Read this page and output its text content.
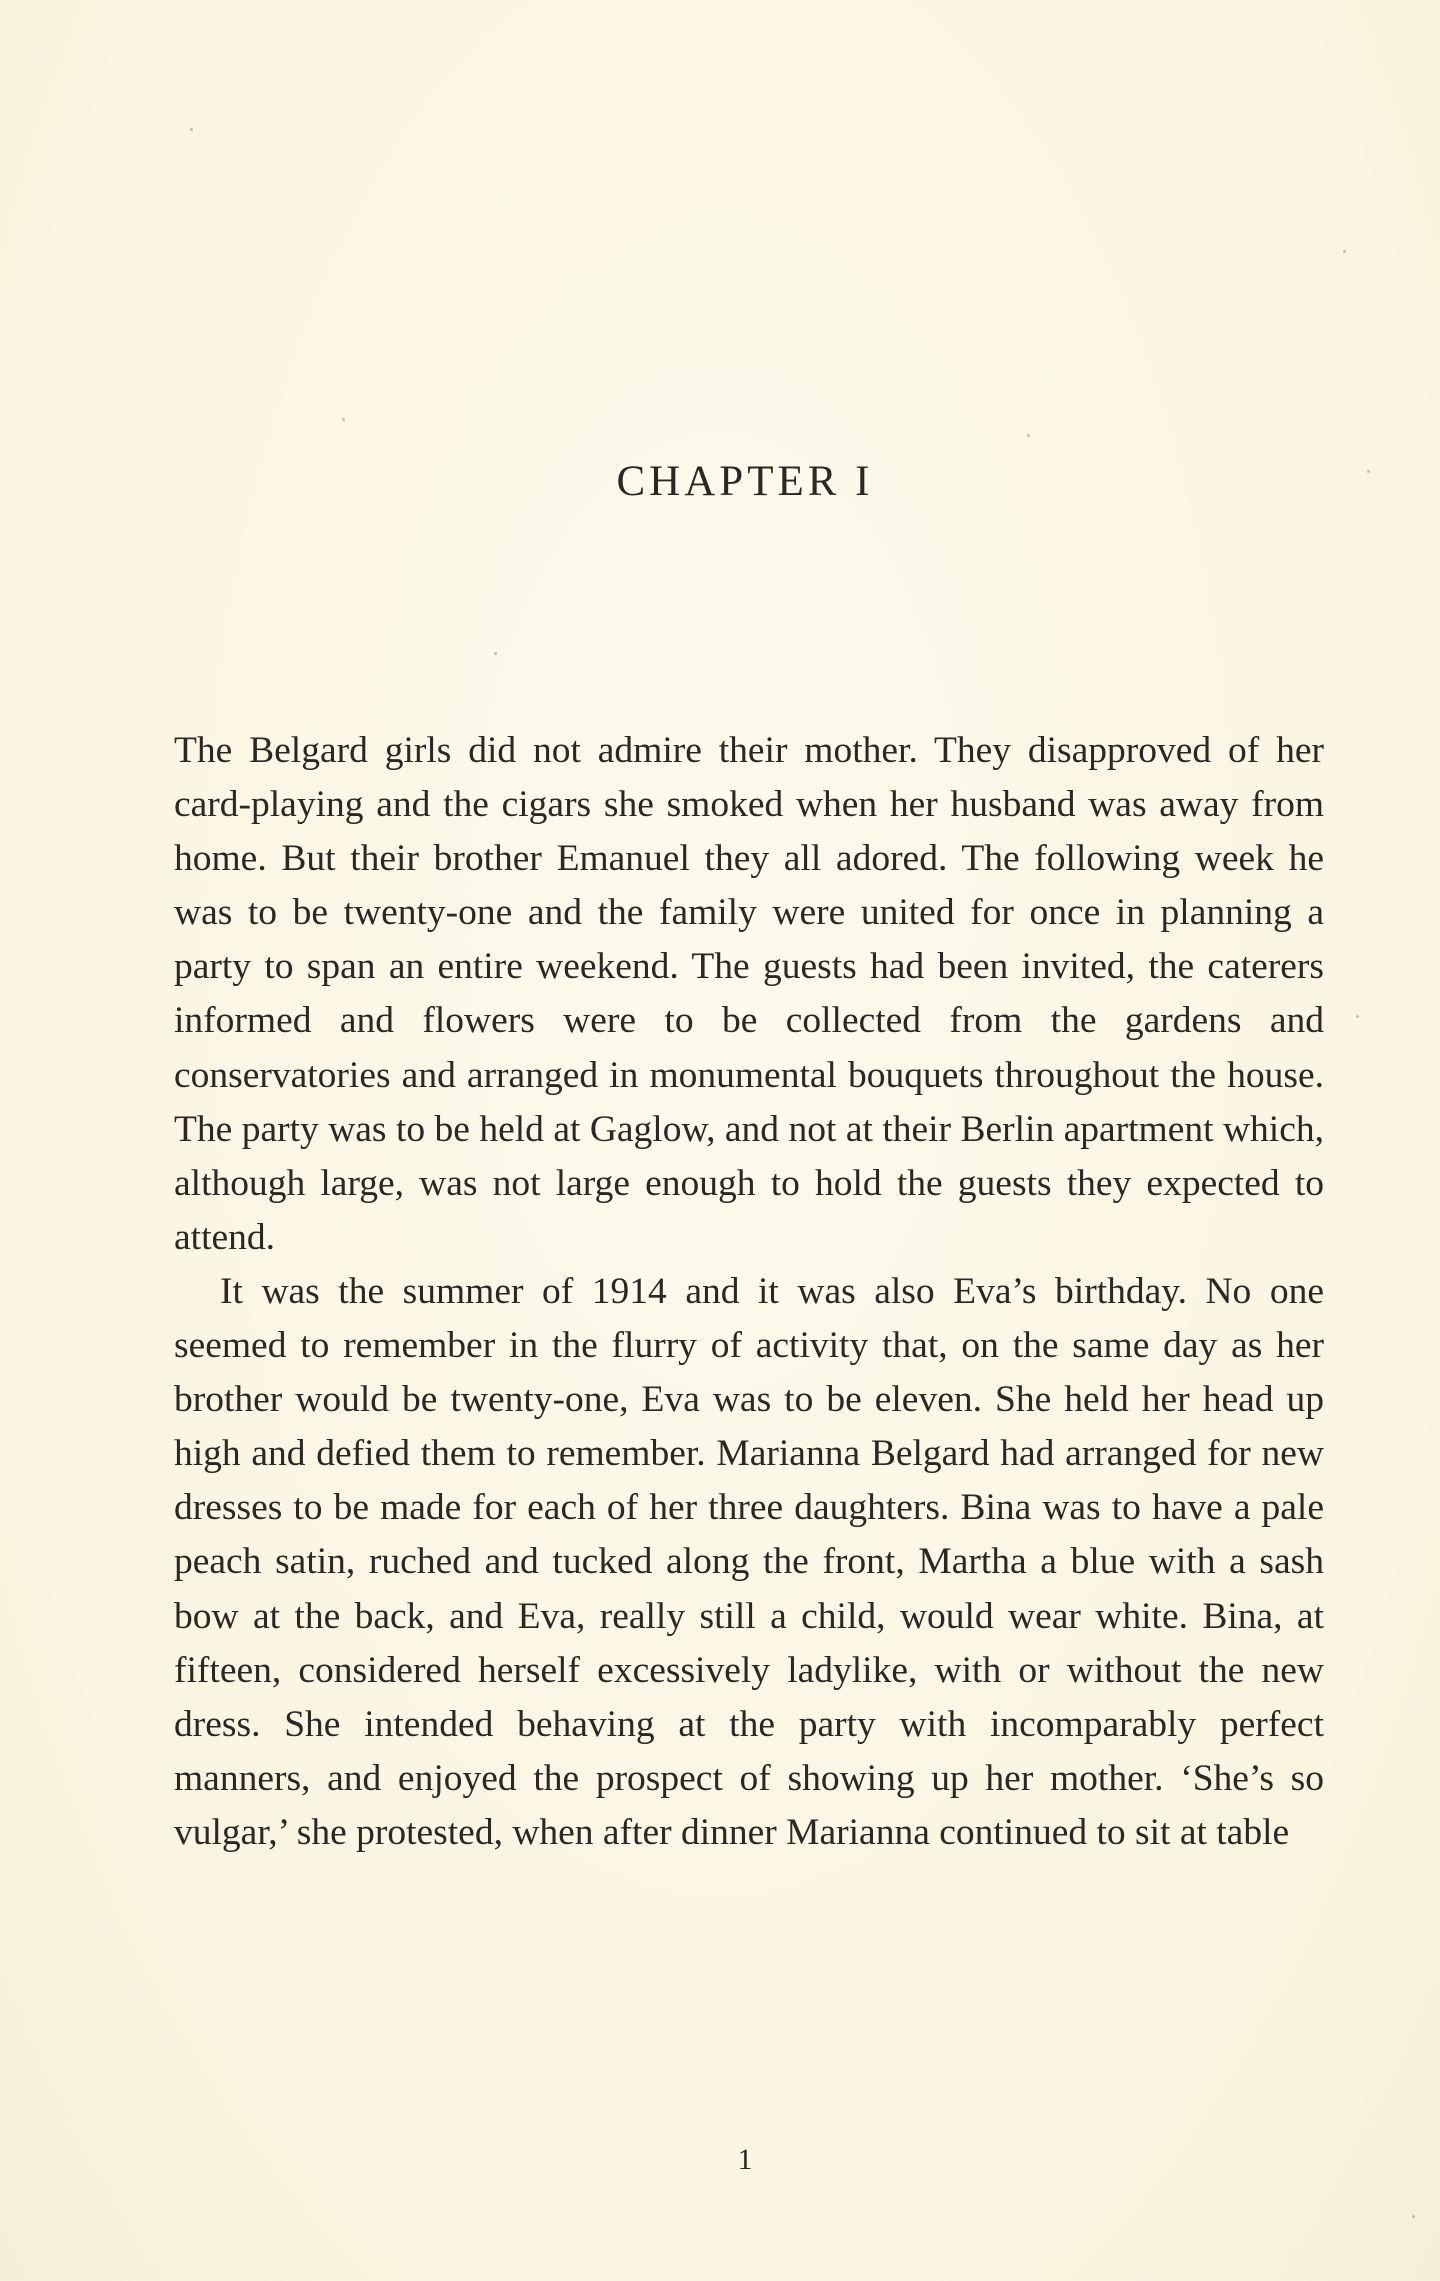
CHAPTER I

The Belgard girls did not admire their mother. They disapproved of her card-playing and the cigars she smoked when her husband was away from home. But their brother Emanuel they all adored. The following week he was to be twenty-​one and the family were united for once in planning a party to span an entire weekend. The guests had been invited, the caterers informed and flowers were to be collected from the gardens and conservatories and arranged in monumental bouquets throughout the house. The party was to be held at Gaglow, and not at their Berlin apartment which, although large, was not large enough to hold the guests they expected to attend.

It was the summer of 1914 and it was also Eva’s birthday. No one seemed to remember in the flurry of activity that, on the same day as her brother would be twenty-one, Eva was to be eleven. She held her head up high and defied them to remember. Marianna Belgard had arranged for new dresses to be made for each of her three daughters. Bina was to have a pale peach satin, ruched and tucked along the front, Martha a blue with a sash bow at the back, and Eva, really still a child, would wear white. Bina, at fifteen, considered herself excessively ladylike, with or without the new dress. She intended behaving at the party with incomparably perfect manners, and enjoyed the prospect of showing up her mother. ‘She’s so vulgar,’ she protested, when after dinner Marianna continued to sit at table

1
